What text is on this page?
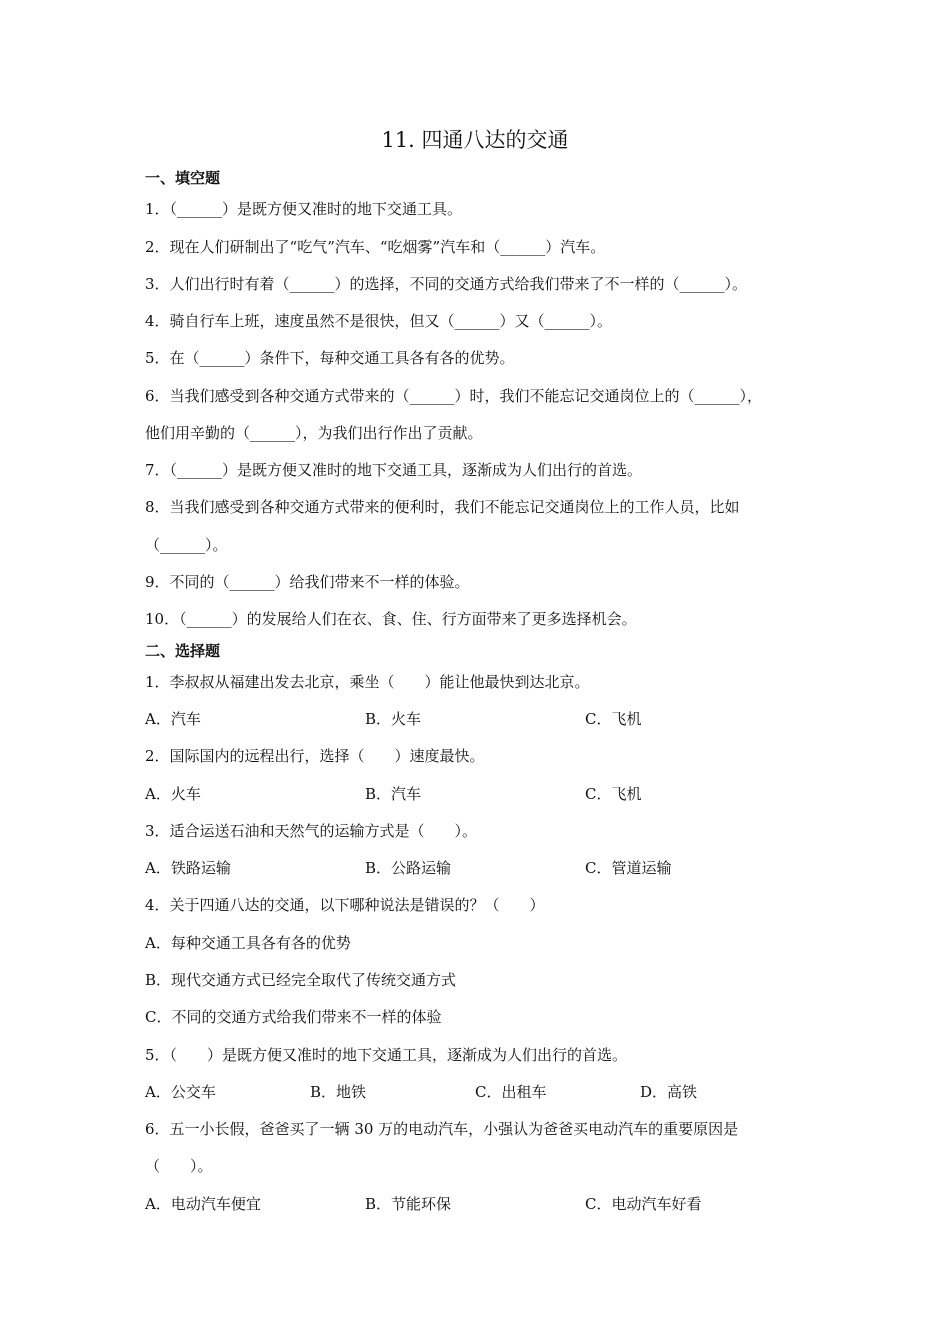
11. 四通八达的交通
一、填空题
1．（______）是既方便又准时的地下交通工具。
2．现在人们研制出了“吃气”汽车、“吃烟雾”汽车和（______）汽车。
3．人们出行时有着（______）的选择，不同的交通方式给我们带来了不一样的（______）。
4．骑自行车上班，速度虽然不是很快，但又（______）又（______）。
5．在（______）条件下，每种交通工具各有各的优势。
6．当我们感受到各种交通方式带来的（______）时，我们不能忘记交通岗位上的（______），
他们用辛勤的（______），为我们出行作出了贡献。
7．（______）是既方便又准时的地下交通工具，逐渐成为人们出行的首选。
8．当我们感受到各种交通方式带来的便利时，我们不能忘记交通岗位上的工作人员，比如
（______）。
9．不同的（______）给我们带来不一样的体验。
10．（______）的发展给人们在衣、食、住、行方面带来了更多选择机会。
二、选择题
1．李叔叔从福建出发去北京，乘坐（　　）能让他最快到达北京。
A．汽车	B．火车	C．飞机
2．国际国内的远程出行，选择（　　）速度最快。
A．火车	B．汽车	C．飞机
3．适合运送石油和天然气的运输方式是（　　）。
A．铁路运输	B．公路运输	C．管道运输
4．关于四通八达的交通，以下哪种说法是错误的？（　　）
A．每种交通工具各有各的优势
B．现代交通方式已经完全取代了传统交通方式
C．不同的交通方式给我们带来不一样的体验
5．（　　）是既方便又准时的地下交通工具，逐渐成为人们出行的首选。
A．公交车	B．地铁	C．出租车	D．高铁
6．五一小长假，爸爸买了一辆 30 万的电动汽车，小强认为爸爸买电动汽车的重要原因是
（　　）。
A．电动汽车便宜	B．节能环保	C．电动汽车好看
